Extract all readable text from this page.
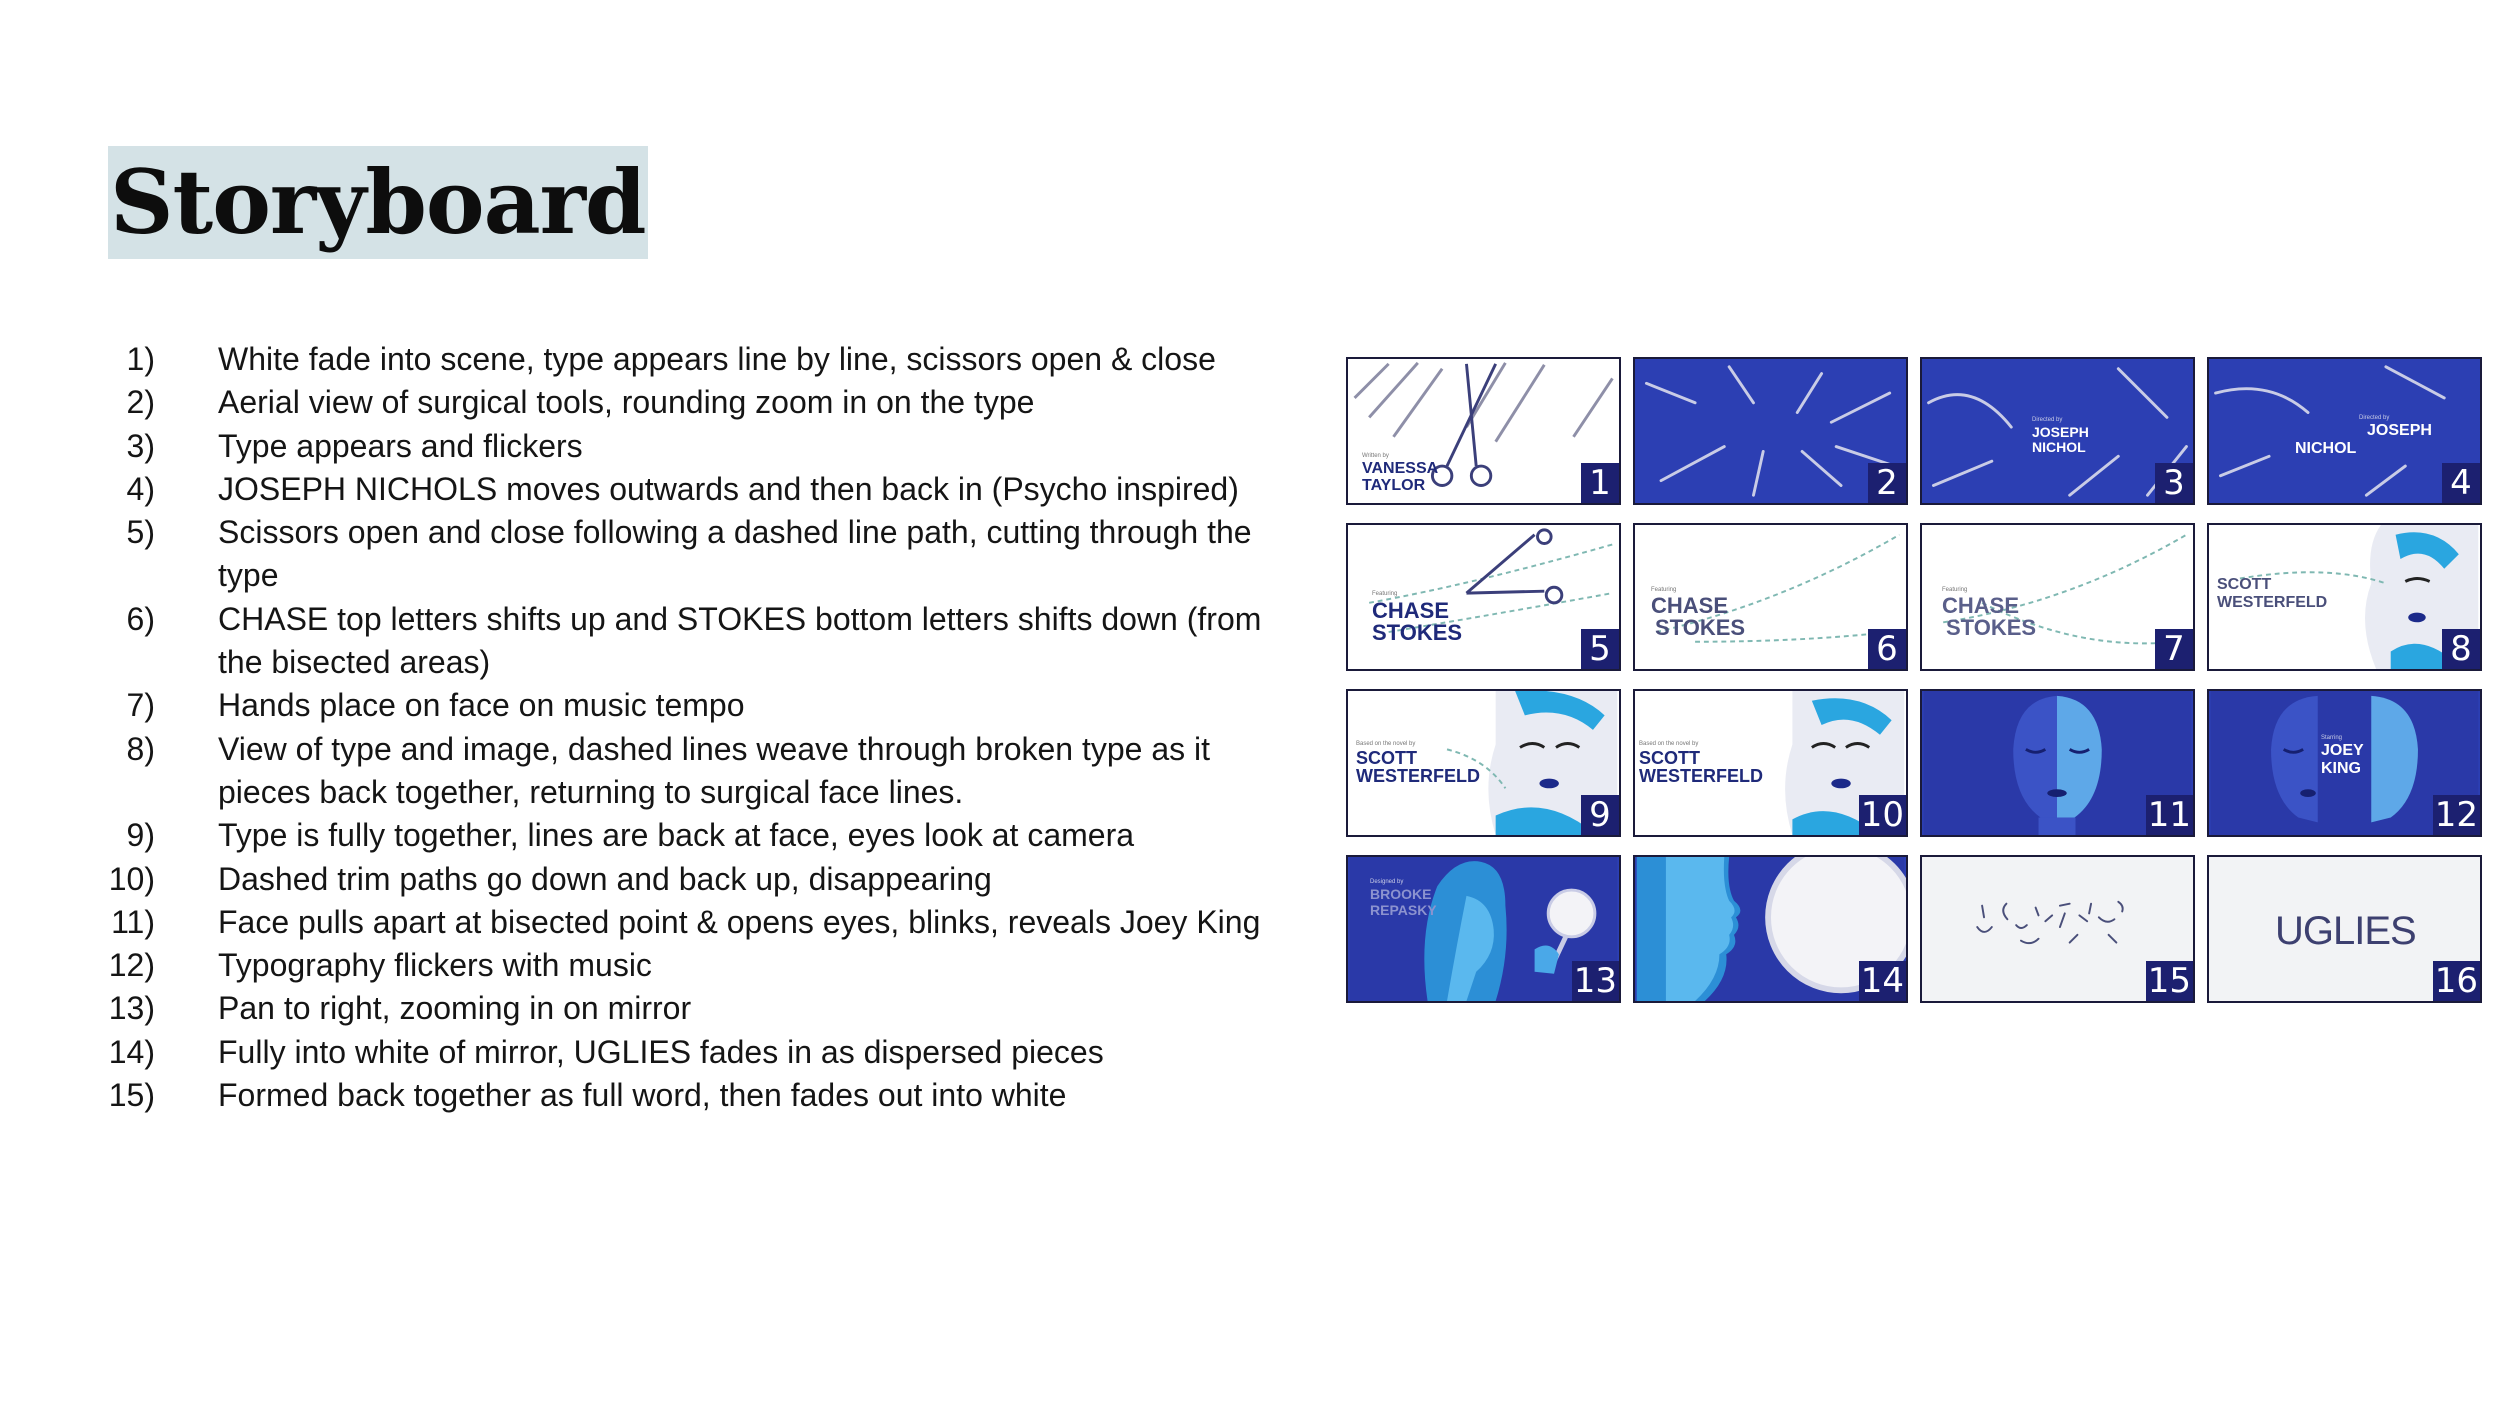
Storyboard
1) White fade into scene, type appears line by line, scissors open & close
2) Aerial view of surgical tools, rounding zoom in on the type
3) Type appears and flickers
4) JOSEPH NICHOLS moves outwards and then back in (Psycho inspired)
5) Scissors open and close following a dashed line path, cutting through the type
6) CHASE top letters shifts up and STOKES bottom letters shifts down (from the bisected areas)
7) Hands place on face on music tempo
8) View of type and image, dashed lines weave through broken type as it pieces back together, returning to surgical face lines.
9) Type is fully together, lines are back at face, eyes look at camera
10) Dashed trim paths go down and back up, disappearing
11) Face pulls apart at bisected point & opens eyes, blinks, reveals Joey King
12) Typography flickers with music
13) Pan to right, zooming in on mirror
14) Fully into white of mirror, UGLIES fades in as dispersed pieces
15) Formed back together as full word, then fades out into white
Written by
VANESSA
TAYLOR	1	2
Directed by
JOSEPH
NICHOL
3
Directed by
JOSEPH
NICHOL
4
Featuring
CHASE
STOKES	5
Featuring
CHASE
STOKES
6
Featuring
CHASE
STOKES
7
SCOTT
WESTERFELD
8
Based on the novel by
SCOTT
WESTERFELD
9
Based on the novel by
SCOTT
WESTERFELD
10	11
Starring
JOEY
KING
12
Designed by
BROOKE
REPASKY
13	14	15
UGLIES
16
